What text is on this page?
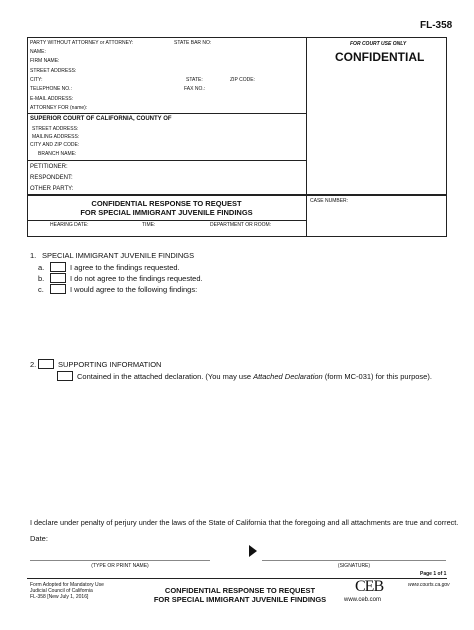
FL-358
PARTY WITHOUT ATTORNEY or ATTORNEY:	STATE BAR NO:
NAME:
FIRM NAME:
STREET ADDRESS:
CITY:	STATE:	ZIP CODE:
TELEPHONE NO.:	FAX NO.:
E-MAIL ADDRESS:
ATTORNEY FOR (name):
FOR COURT USE ONLY
CONFIDENTIAL
SUPERIOR COURT OF CALIFORNIA, COUNTY OF
STREET ADDRESS:
MAILING ADDRESS:
CITY AND ZIP CODE:
BRANCH NAME:
PETITIONER:
RESPONDENT:
OTHER PARTY:
CONFIDENTIAL RESPONSE TO REQUEST
FOR SPECIAL IMMIGRANT JUVENILE FINDINGS
CASE NUMBER:
HEARING DATE:	TIME:	DEPARTMENT OR ROOM:
1. SPECIAL IMMIGRANT JUVENILE FINDINGS
a.	I agree to the findings requested.
b.	I do not agree to the findings requested.
c.	I would agree to the following findings:
2.	SUPPORTING INFORMATION
Contained in the attached declaration. (You may use Attached Declaration (form MC-031) for this purpose).
I declare under penalty of perjury under the laws of the State of California that the foregoing and all attachments are true and correct.
Date:
(TYPE OR PRINT NAME)	(SIGNATURE)
Page 1 of 1
Form Adopted for Mandatory Use
Judicial Council of California
FL-358 [New July 1, 2016]
CONFIDENTIAL RESPONSE TO REQUEST
FOR SPECIAL IMMIGRANT JUVENILE FINDINGS
CEB
www.ceb.com
www.courts.ca.gov
